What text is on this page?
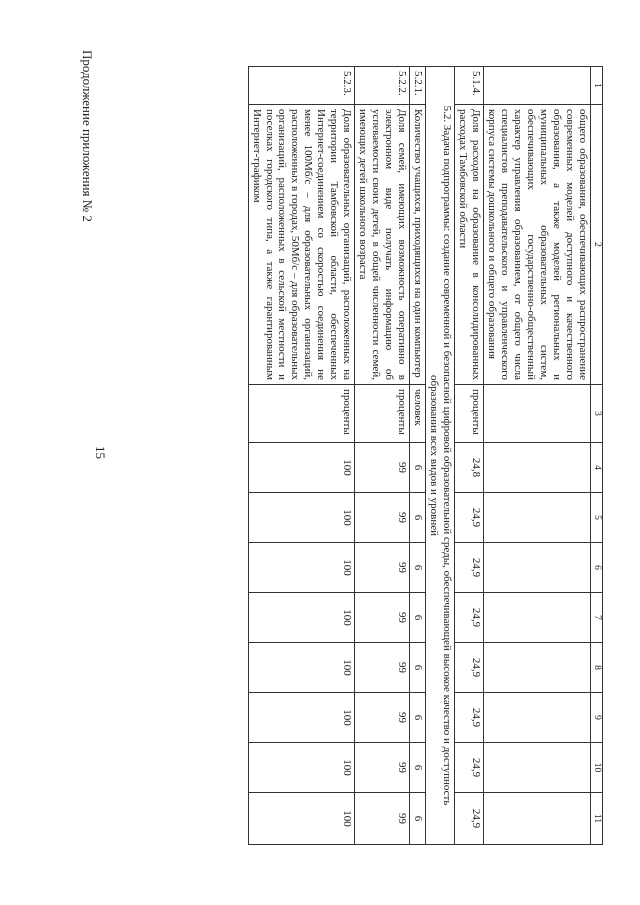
15
Продолжение приложения № 2	1	2	3	4	5	6	7	8	9	10	11
	общего образования, обеспечивающих распространение современных моделей доступного и качественного образования, а также моделей региональных и муниципальных образовательных систем, обеспечивающих государственно-общественный характер управления образованием, от общего числа специалистов преподавательского и управленческого корпуса системы дошкольного и общего образования									
5.1.4.	Доля расходов на образование в консолидированных расходах Тамбовской области	проценты	24,8	24,9	24,9	24,9	24,9	24,9	24,9	24,9
5.2. Задача подпрограммы: создание современной и безопасной цифровой образовательной среды, обеспечивающей высокое качество и доступность образования всех видов и уровней										
5.2.1.	Количество учащихся, приходящихся на один компьютер	человек	6	6	6	6	6	6	6	6
5.2.2.	Доля семей, имеющих возможность оперативно в электронном виде получать информацию об успеваемости своих детей, в общей численности семей, имеющих детей школьного возраста	проценты	99	99	99	99	99	99	99	99
5.2.3.	Доля образовательных организаций, расположенных на территории Тамбовской области, обеспеченных Интернет-соединением со скоростью соединения не менее 100Мб/с – для образовательных организаций, расположенных в городах, 50Мб/с – для образовательных организаций, расположенных в сельской местности и поселках городского типа, а также гарантированным Интернет-трафиком	проценты	100	100	100	100	100	100	100	100
